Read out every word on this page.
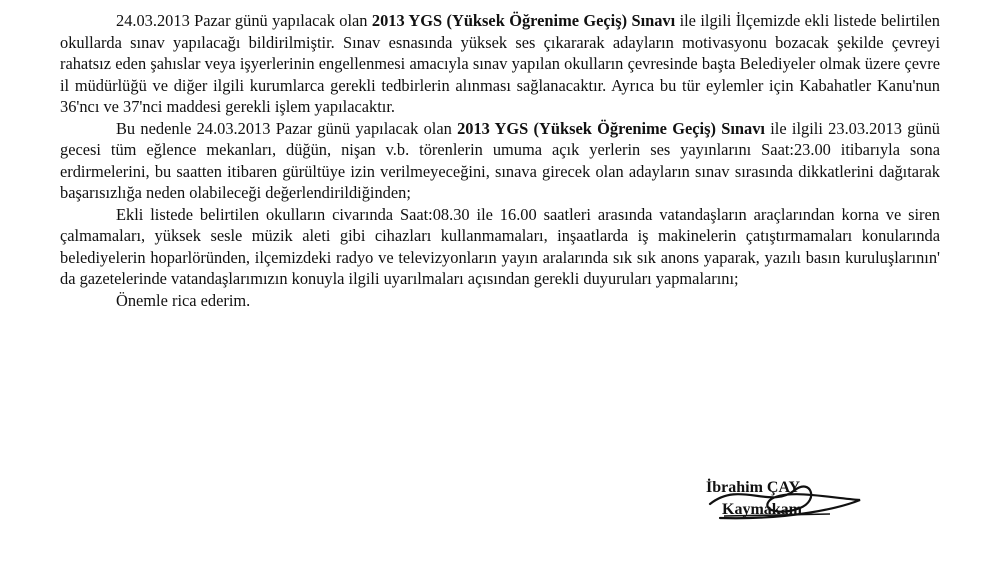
24.03.2013 Pazar günü yapılacak olan 2013 YGS (Yüksek Öğrenime Geçiş) Sınavı ile ilgili İlçemizde ekli listede belirtilen okullarda sınav yapılacağı bildirilmiştir. Sınav esnasında yüksek ses çıkararak adayların motivasyonu bozacak şekilde çevreyi rahatsız eden şahıslar veya işyerlerinin engellenmesi amacıyla sınav yapılan okulların çevresinde başta Belediyeler olmak üzere çevre il müdürlüğü ve diğer ilgili kurumlarca gerekli tedbirlerin alınması sağlanacaktır. Ayrıca bu tür eylemler için Kabahatler Kanu'nun 36'ncı ve 37'nci maddesi gerekli işlem yapılacaktır.

Bu nedenle 24.03.2013 Pazar günü yapılacak olan 2013 YGS (Yüksek Öğrenime Geçiş) Sınavı ile ilgili 23.03.2013 günü gecesi tüm eğlence mekanları, düğün, nişan v.b. törenlerin umuma açık yerlerin ses yayınlarını Saat:23.00 itibarıyla sona erdirmelerini, bu saatten itibaren gürültüye izin verilmeyeceğini, sınava girecek olan adayların sınav sırasında dikkatlerini dağıtarak başarısızlığa neden olabileceği değerlendirildiğinden;

Ekli listede belirtilen okulların civarında Saat:08.30 ile 16.00 saatleri arasında vatandaşların araçlarından korna ve siren çalmamaları, yüksek sesle müzik aleti gibi cihazları kullanmamaları, inşaatlarda iş makinelerin çatıştırmamaları konularında belediyelerin hoparlöründen, ilçemizdeki radyo ve televizyonların yayın aralarında sık sık anons yaparak, yazılı basın kuruluşlarının' da gazetelerinde vatandaşlarımızın konuyla ilgili uyarılmaları açısından gerekli duyuruları yapmalarını;

Önemle rica ederim.

İbrahim ÇAY
Kaymakam
